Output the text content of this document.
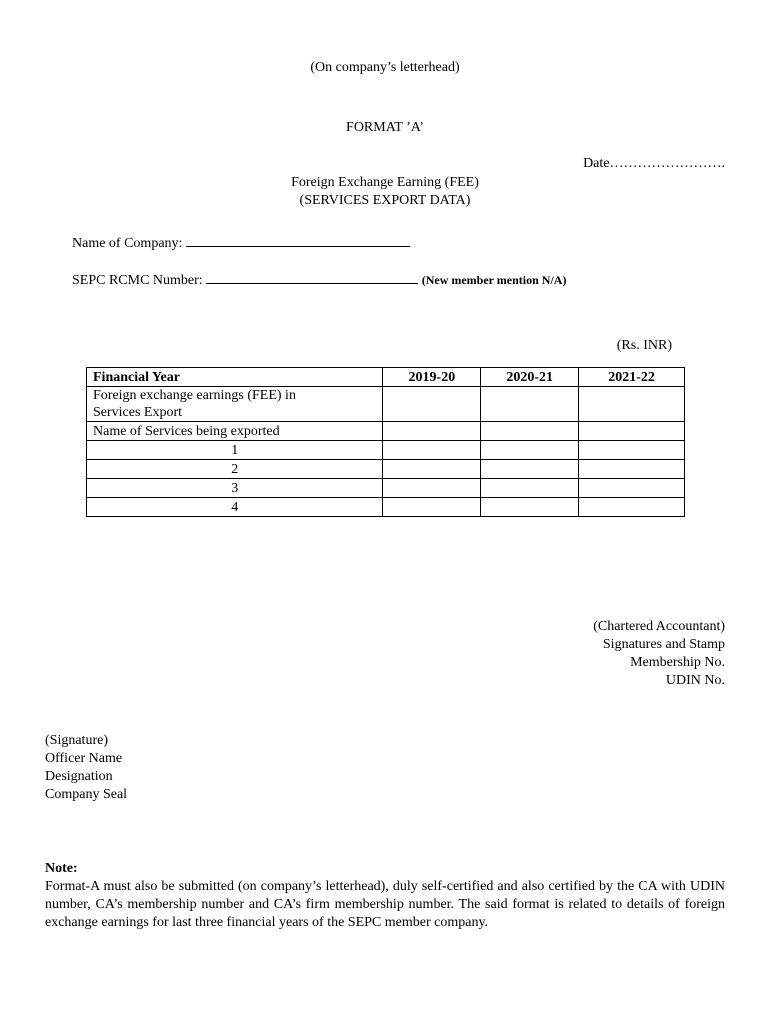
(On company’s letterhead)
FORMAT ’A’
Date…………………….
Foreign Exchange Earning (FEE)
(SERVICES EXPORT DATA)
Name of Company:
SEPC RCMC Number:	(New member mention N/A)
(Rs. INR)
Financial Year	2019-20	2020-21	2021-22
Foreign exchange earnings (FEE) in
Services Export			
Name of Services being exported			
1			
2			
3			
4			
(Chartered Accountant)
Signatures and Stamp
Membership No.
UDIN No.
(Signature)
Officer Name
Designation
Company Seal
Note:
Format-A must also be submitted (on company’s letterhead), duly self-certified and also certified by the CA with UDIN number, CA’s membership number and CA’s firm membership number. The said format is related to details of foreign exchange earnings for last three financial years of the SEPC member company.
